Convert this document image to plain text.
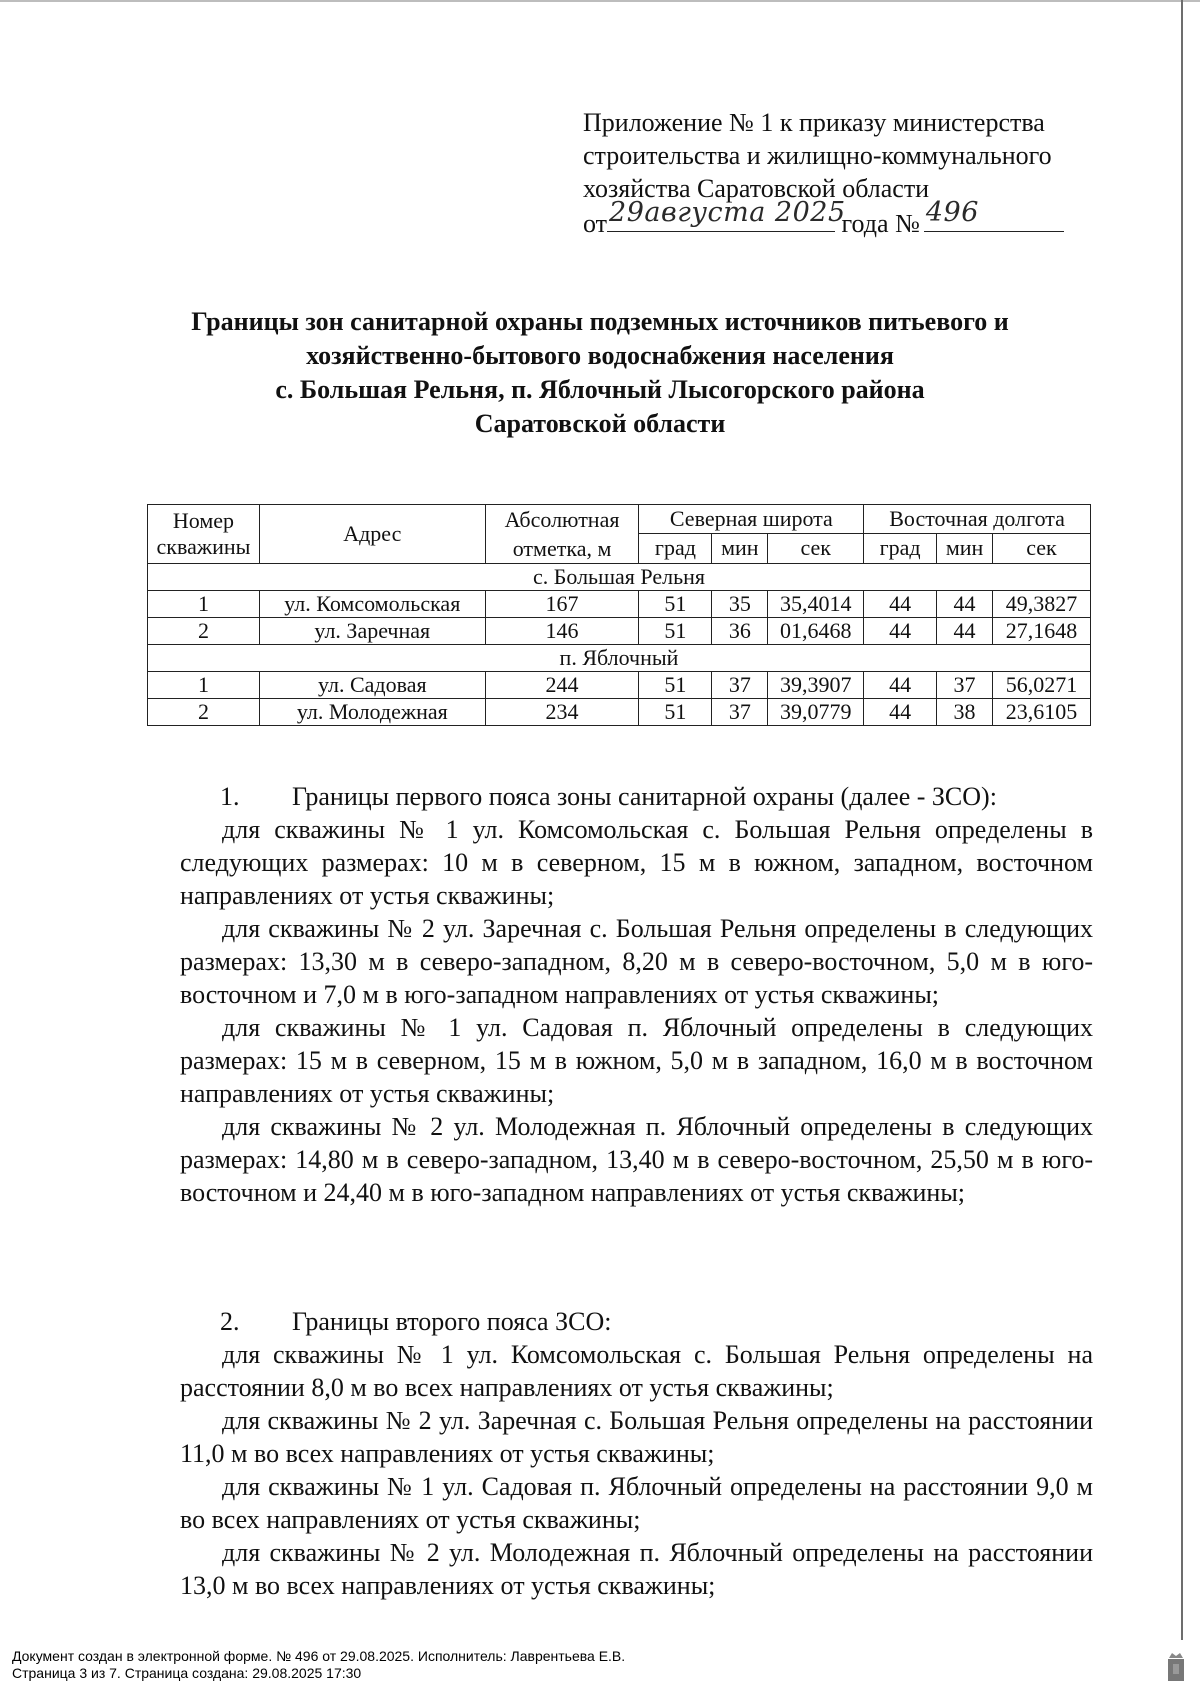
Приложение № 1 к приказу министерства
строительства и жилищно-коммунального
хозяйства Саратовской области
от 29августа 2025
года № 496
Границы зон санитарной охраны подземных источников питьевого и
хозяйственно-бытового водоснабжения населения
с. Большая Рельня, п. Яблочный Лысогорского района
Саратовской области
Номер скважины	Адрес	Абсолютная отметка, м	Северная широта			Восточная долгота		
			град	мин	сек	град	мин	сек
с. Большая Рельня								
1	ул. Комсомольская	167	51	35	35,4014	44	44	49,3827
2	ул. Заречная	146	51	36	01,6468	44	44	27,1648
п. Яблочный								
1	ул. Садовая	244	51	37	39,3907	44	37	56,0271
2	ул. Молодежная	234	51	37	39,0779	44	38	23,6105
1. Границы первого пояса зоны санитарной охраны (далее - ЗСО):

для скважины № 1 ул. Комсомольская с. Большая Рельня определены в следующих размерах: 10 м в северном, 15 м в южном, западном, восточном направлениях от устья скважины;

для скважины № 2 ул. Заречная с. Большая Рельня определены в следующих размерах: 13,30 м в северо-западном, 8,20 м в северо-восточном, 5,0 м в юго-восточном и 7,0 м в юго-западном направлениях от устья скважины;

для скважины № 1 ул. Садовая п. Яблочный определены в следующих размерах: 15 м в северном, 15 м в южном, 5,0 м в западном, 16,0 м в восточном направлениях от устья скважины;

для скважины № 2 ул. Молодежная п. Яблочный определены в следующих размерах: 14,80 м в северо-западном, 13,40 м в северо-восточном, 25,50 м в юго-восточном и 24,40 м в юго-западном направлениях от устья скважины;

2. Границы второго пояса ЗСО:

для скважины № 1 ул. Комсомольская с. Большая Рельня определены на расстоянии 8,0 м во всех направлениях от устья скважины;

для скважины № 2 ул. Заречная с. Большая Рельня определены на расстоянии 11,0 м во всех направлениях от устья скважины;

для скважины № 1 ул. Садовая п. Яблочный определены на расстоянии 9,0 м во всех направлениях от устья скважины;

для скважины № 2 ул. Молодежная п. Яблочный определены на расстоянии 13,0 м во всех направлениях от устья скважины;

Документ создан в электронной форме. № 496 от 29.08.2025. Исполнитель: Лаврентьева Е.В.
Страница 3 из 7. Страница создана: 29.08.2025 17:30
